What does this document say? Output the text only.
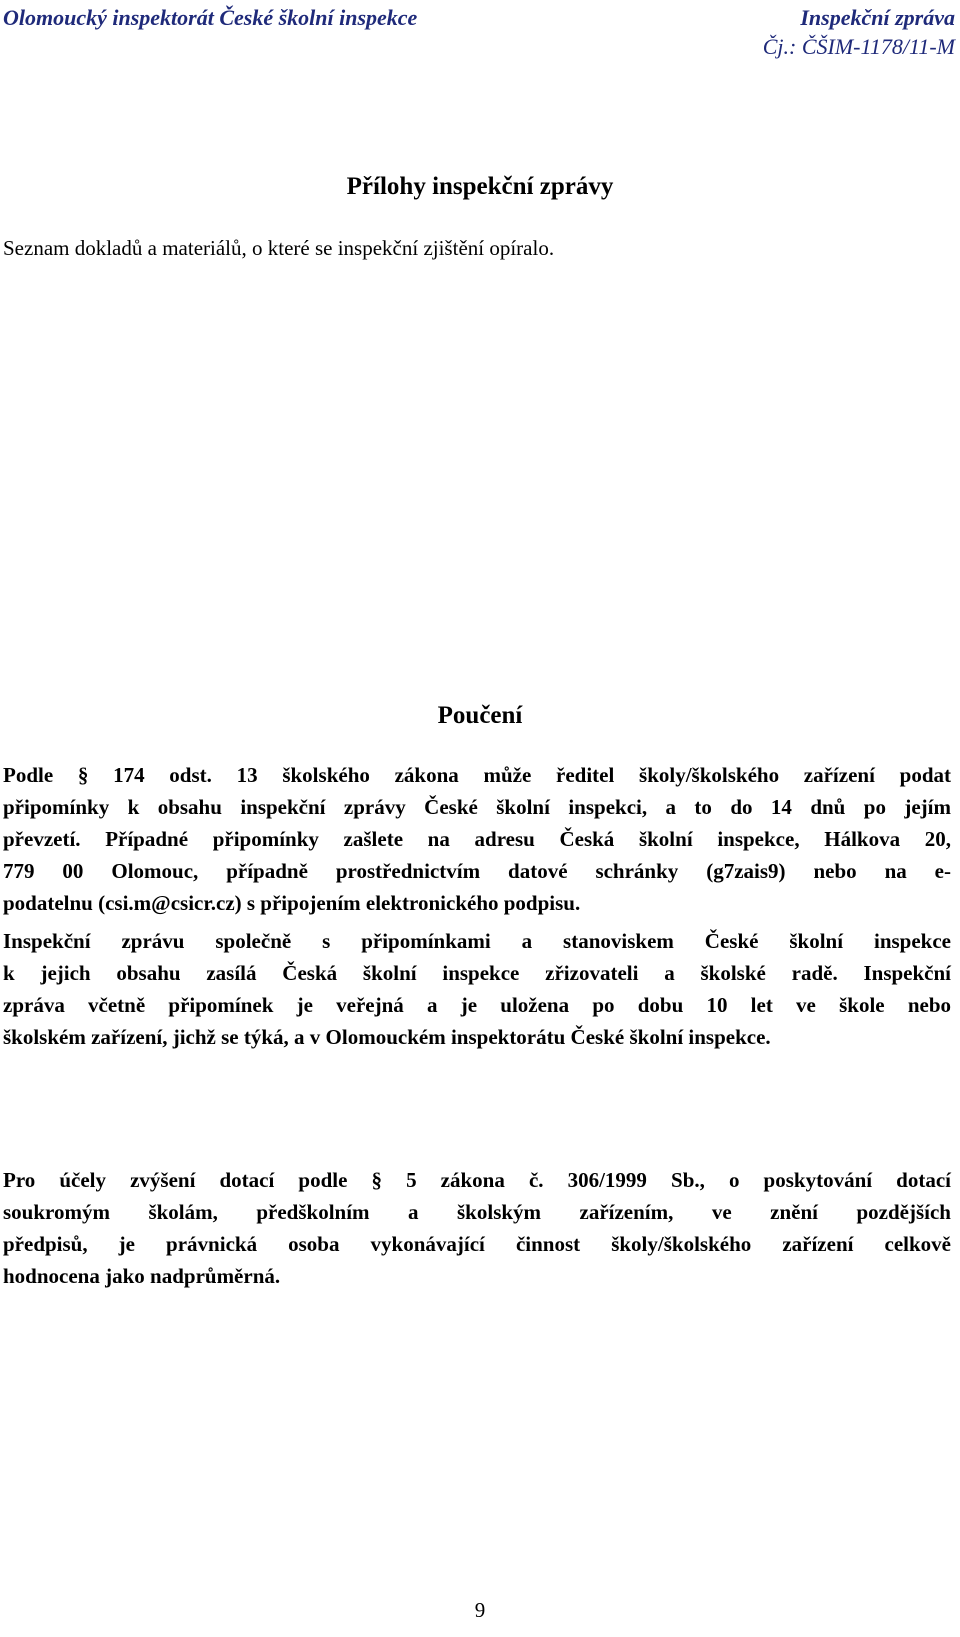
Olomoucký inspektorát České školní inspekce	Inspekční zpráva
Čj.: ČŠIM-1178/11-M
Přílohy inspekční zprávy
Seznam dokladů a materiálů, o které se inspekční zjištění opíralo.
Poučení
Podle § 174 odst. 13 školského zákona může ředitel školy/školského zařízení podat
připomínky k obsahu inspekční zprávy České školní inspekci, a to do 14 dnů po jejím
převzetí. Případné připomínky zašlete na adresu Česká školní inspekce, Hálkova 20,
779 00 Olomouc, případně prostřednictvím datové schránky (g7zais9) nebo na e-
podatelnu (csi.m@csicr.cz) s připojením elektronického podpisu.
Inspekční zprávu společně s připomínkami a stanoviskem České školní inspekce
k jejich obsahu zasílá Česká školní inspekce zřizovateli a školské radě. Inspekční
zpráva včetně připomínek je veřejná a je uložena po dobu 10 let ve škole nebo
školském zařízení, jichž se týká, a v Olomouckém inspektorátu České školní inspekce.
Pro účely zvýšení dotací podle § 5 zákona č. 306/1999 Sb., o poskytování dotací
soukromým školám, předškolním a školským zařízením, ve znění pozdějších
předpisů, je právnická osoba vykonávající činnost školy/školského zařízení celkově
hodnocena jako nadprůměrná.
9
